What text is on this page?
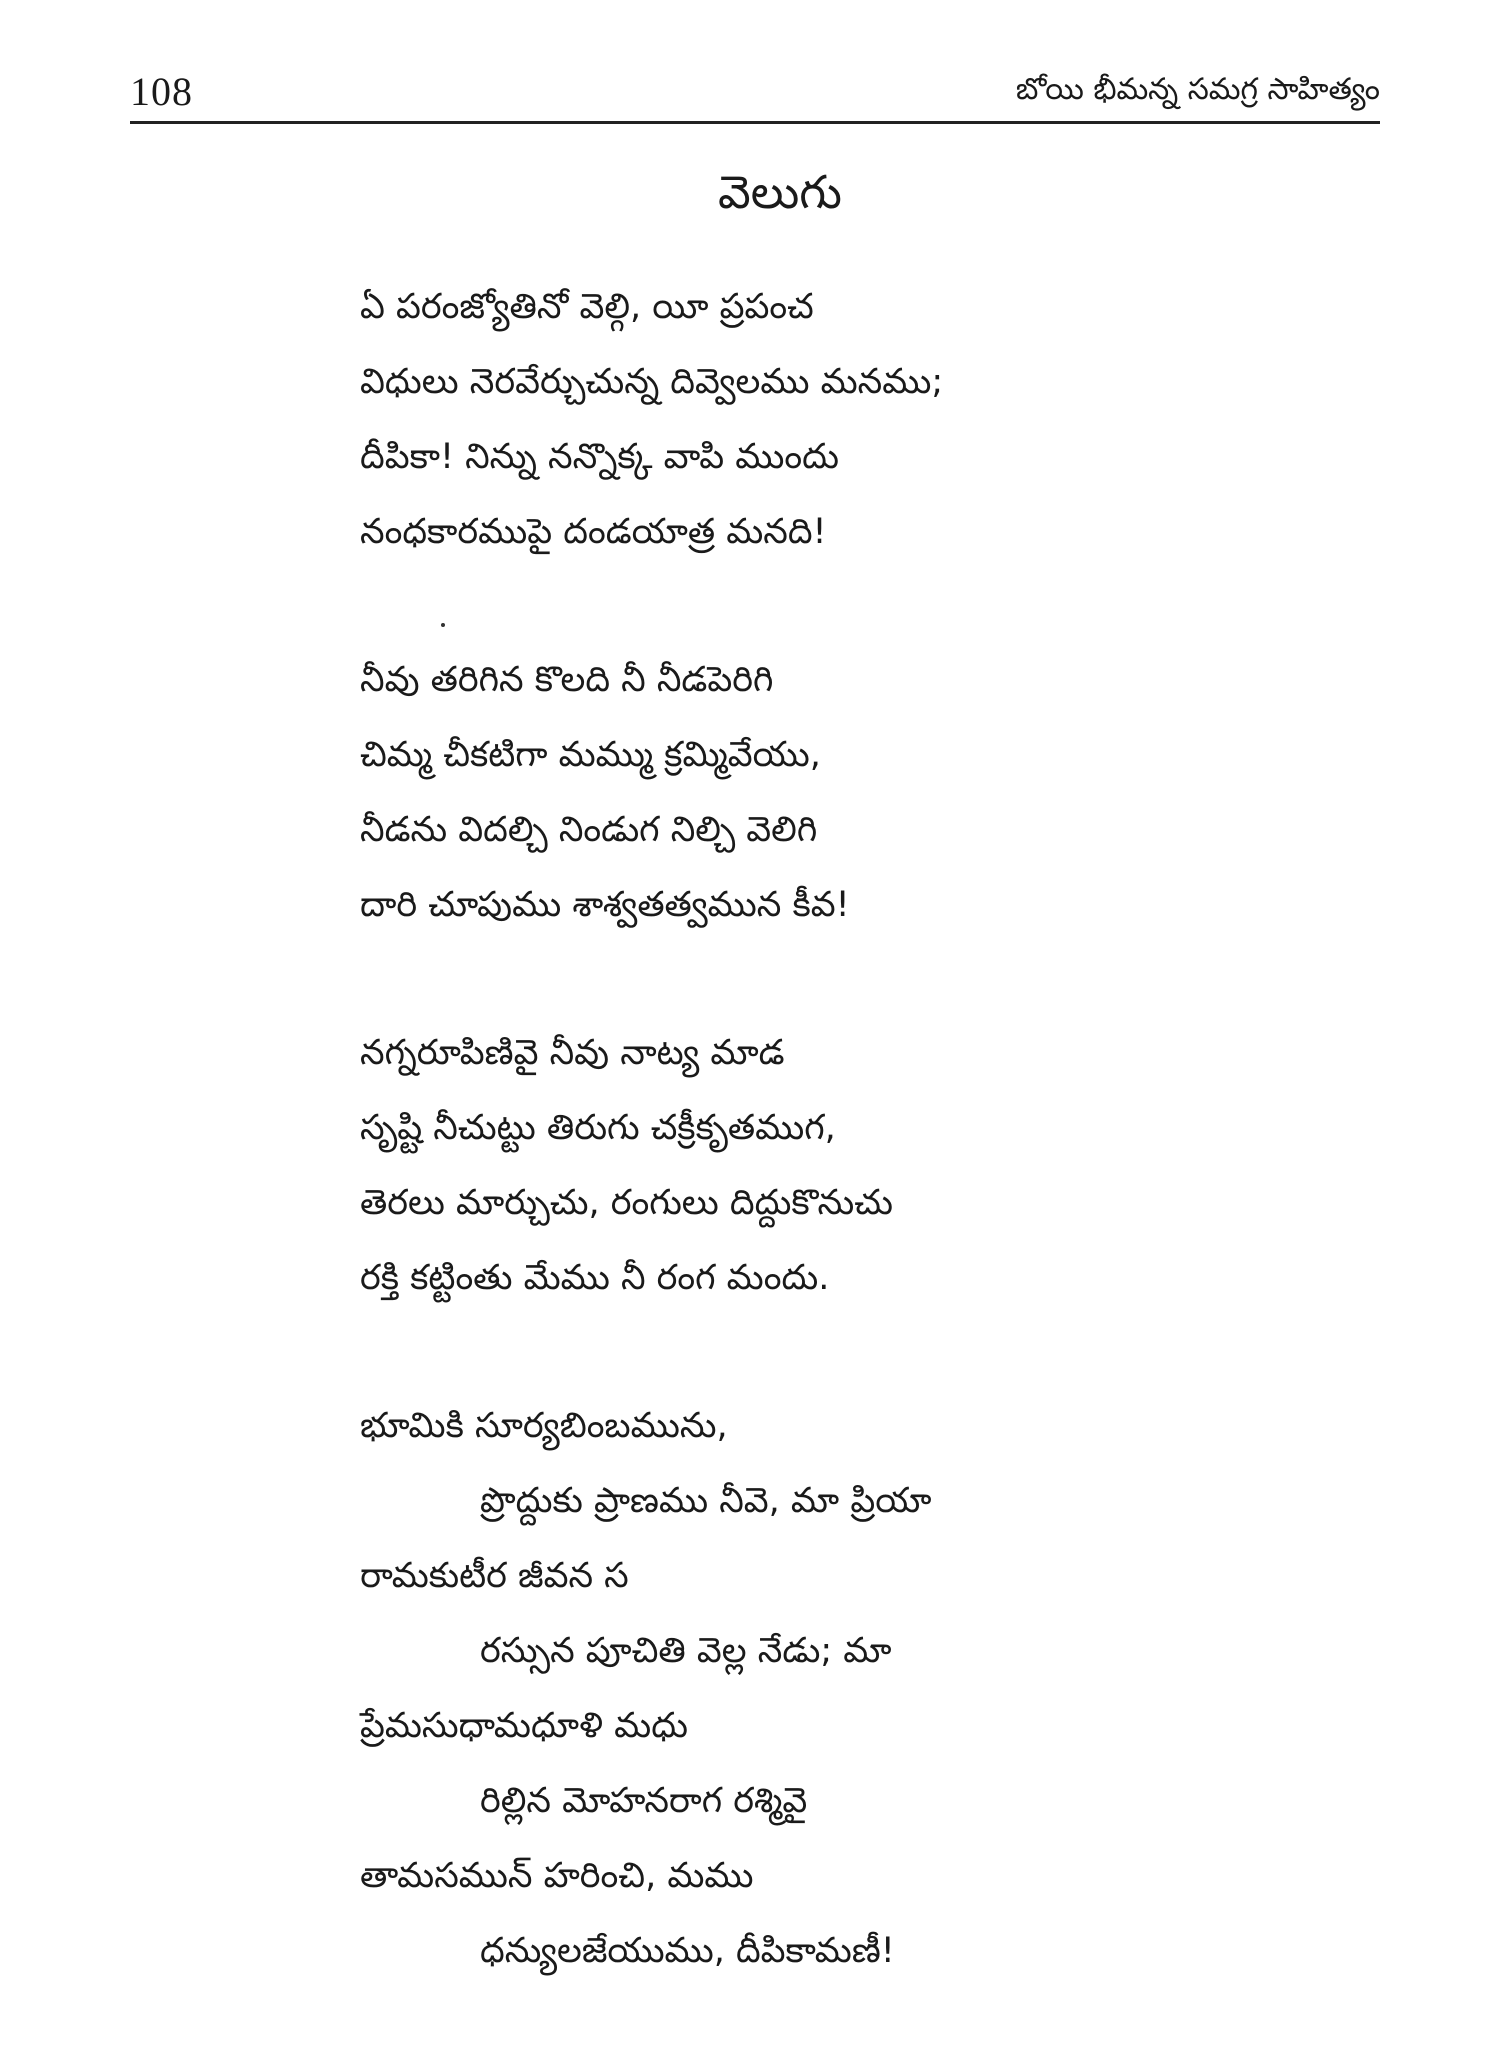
108	బోయి భీమన్న సమగ్ర సాహిత్యం
వెలుగు
ఏ పరంజ్యోతినో వెల్గి, యీ ప్రపంచ
విధులు నెరవేర్చుచున్న దివ్వెలము మనము;
దీపికా! నిన్ను నన్నొక్క వాపి ముందు
నంధకారముపై దండయాత్ర మనది!
నీవు తరిగిన కొలది నీ నీడపెరిగి
చిమ్మ చీకటిగా మమ్ము క్రమ్మివేయు,
నీడను విదల్చి నిండుగ నిల్చి వెలిగి
దారి చూపుము శాశ్వతత్వమున కీవ!
నగ్నరూపిణివై నీవు నాట్య మాడ
సృష్టి నీచుట్టు తిరుగు చక్రీకృతముగ,
తెరలు మార్చుచు, రంగులు దిద్దుకొనుచు
రక్తి కట్టింతు మేము నీ రంగ మందు.
భూమికి సూర్యబింబమును,
ప్రొద్దుకు ప్రాణము నీవె, మా ప్రియా
రామకుటీర జీవన స
రస్సున పూచితి వెల్ల నేడు; మా
ప్రేమసుధామధూళి మధు
రిల్లిన మోహనరాగ రశ్మివై
తామసమున్ హరించి, మము
ధన్యులజేయుము, దీపికామణీ!
